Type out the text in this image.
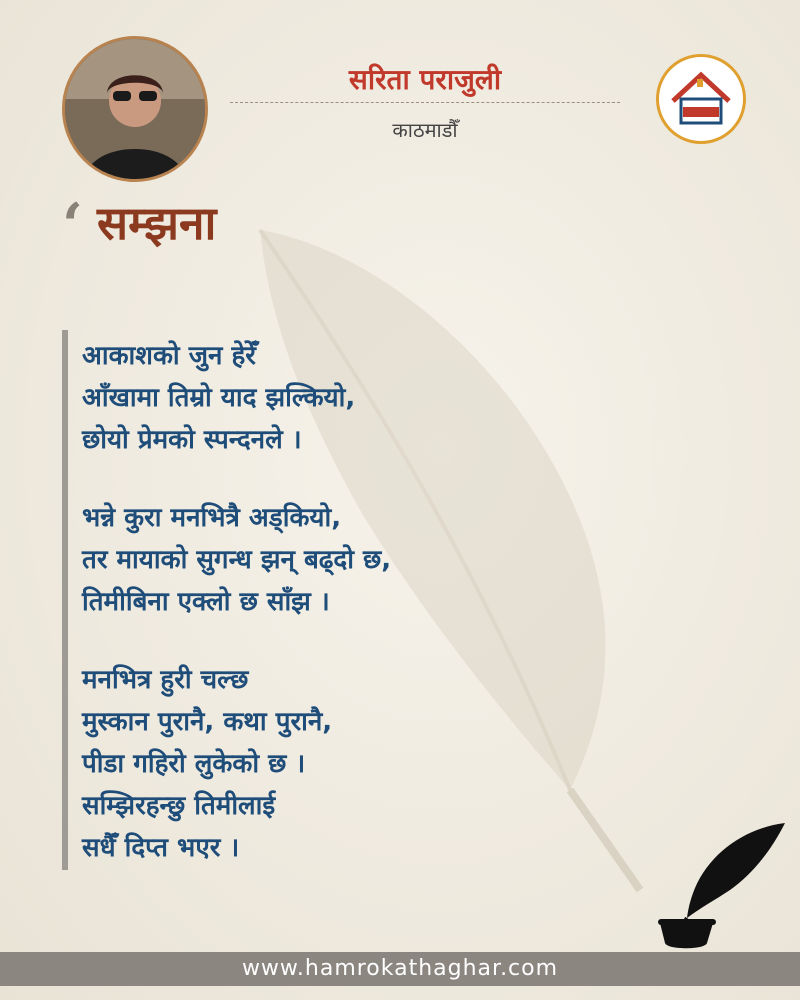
सरिता पराजुली
काठमाडौँ
‘ सम्झना
आकाशको जुन हेरेँ
आँखामा तिम्रो याद झल्कियो,
छोयो प्रेमको स्पन्दनले ।
भन्ने कुरा मनभित्रै अड्कियो,
तर मायाको सुगन्ध झन् बढ्दो छ,
तिमीबिना एक्लो छ साँझ ।
मनभित्र हुरी चल्छ
मुस्कान पुरानै, कथा पुरानै,
पीडा गहिरो लुकेको छ ।
सम्झिरहन्छु तिमीलाई
सधैँ दिप्त भएर ।
www.hamrokathaghar.com
